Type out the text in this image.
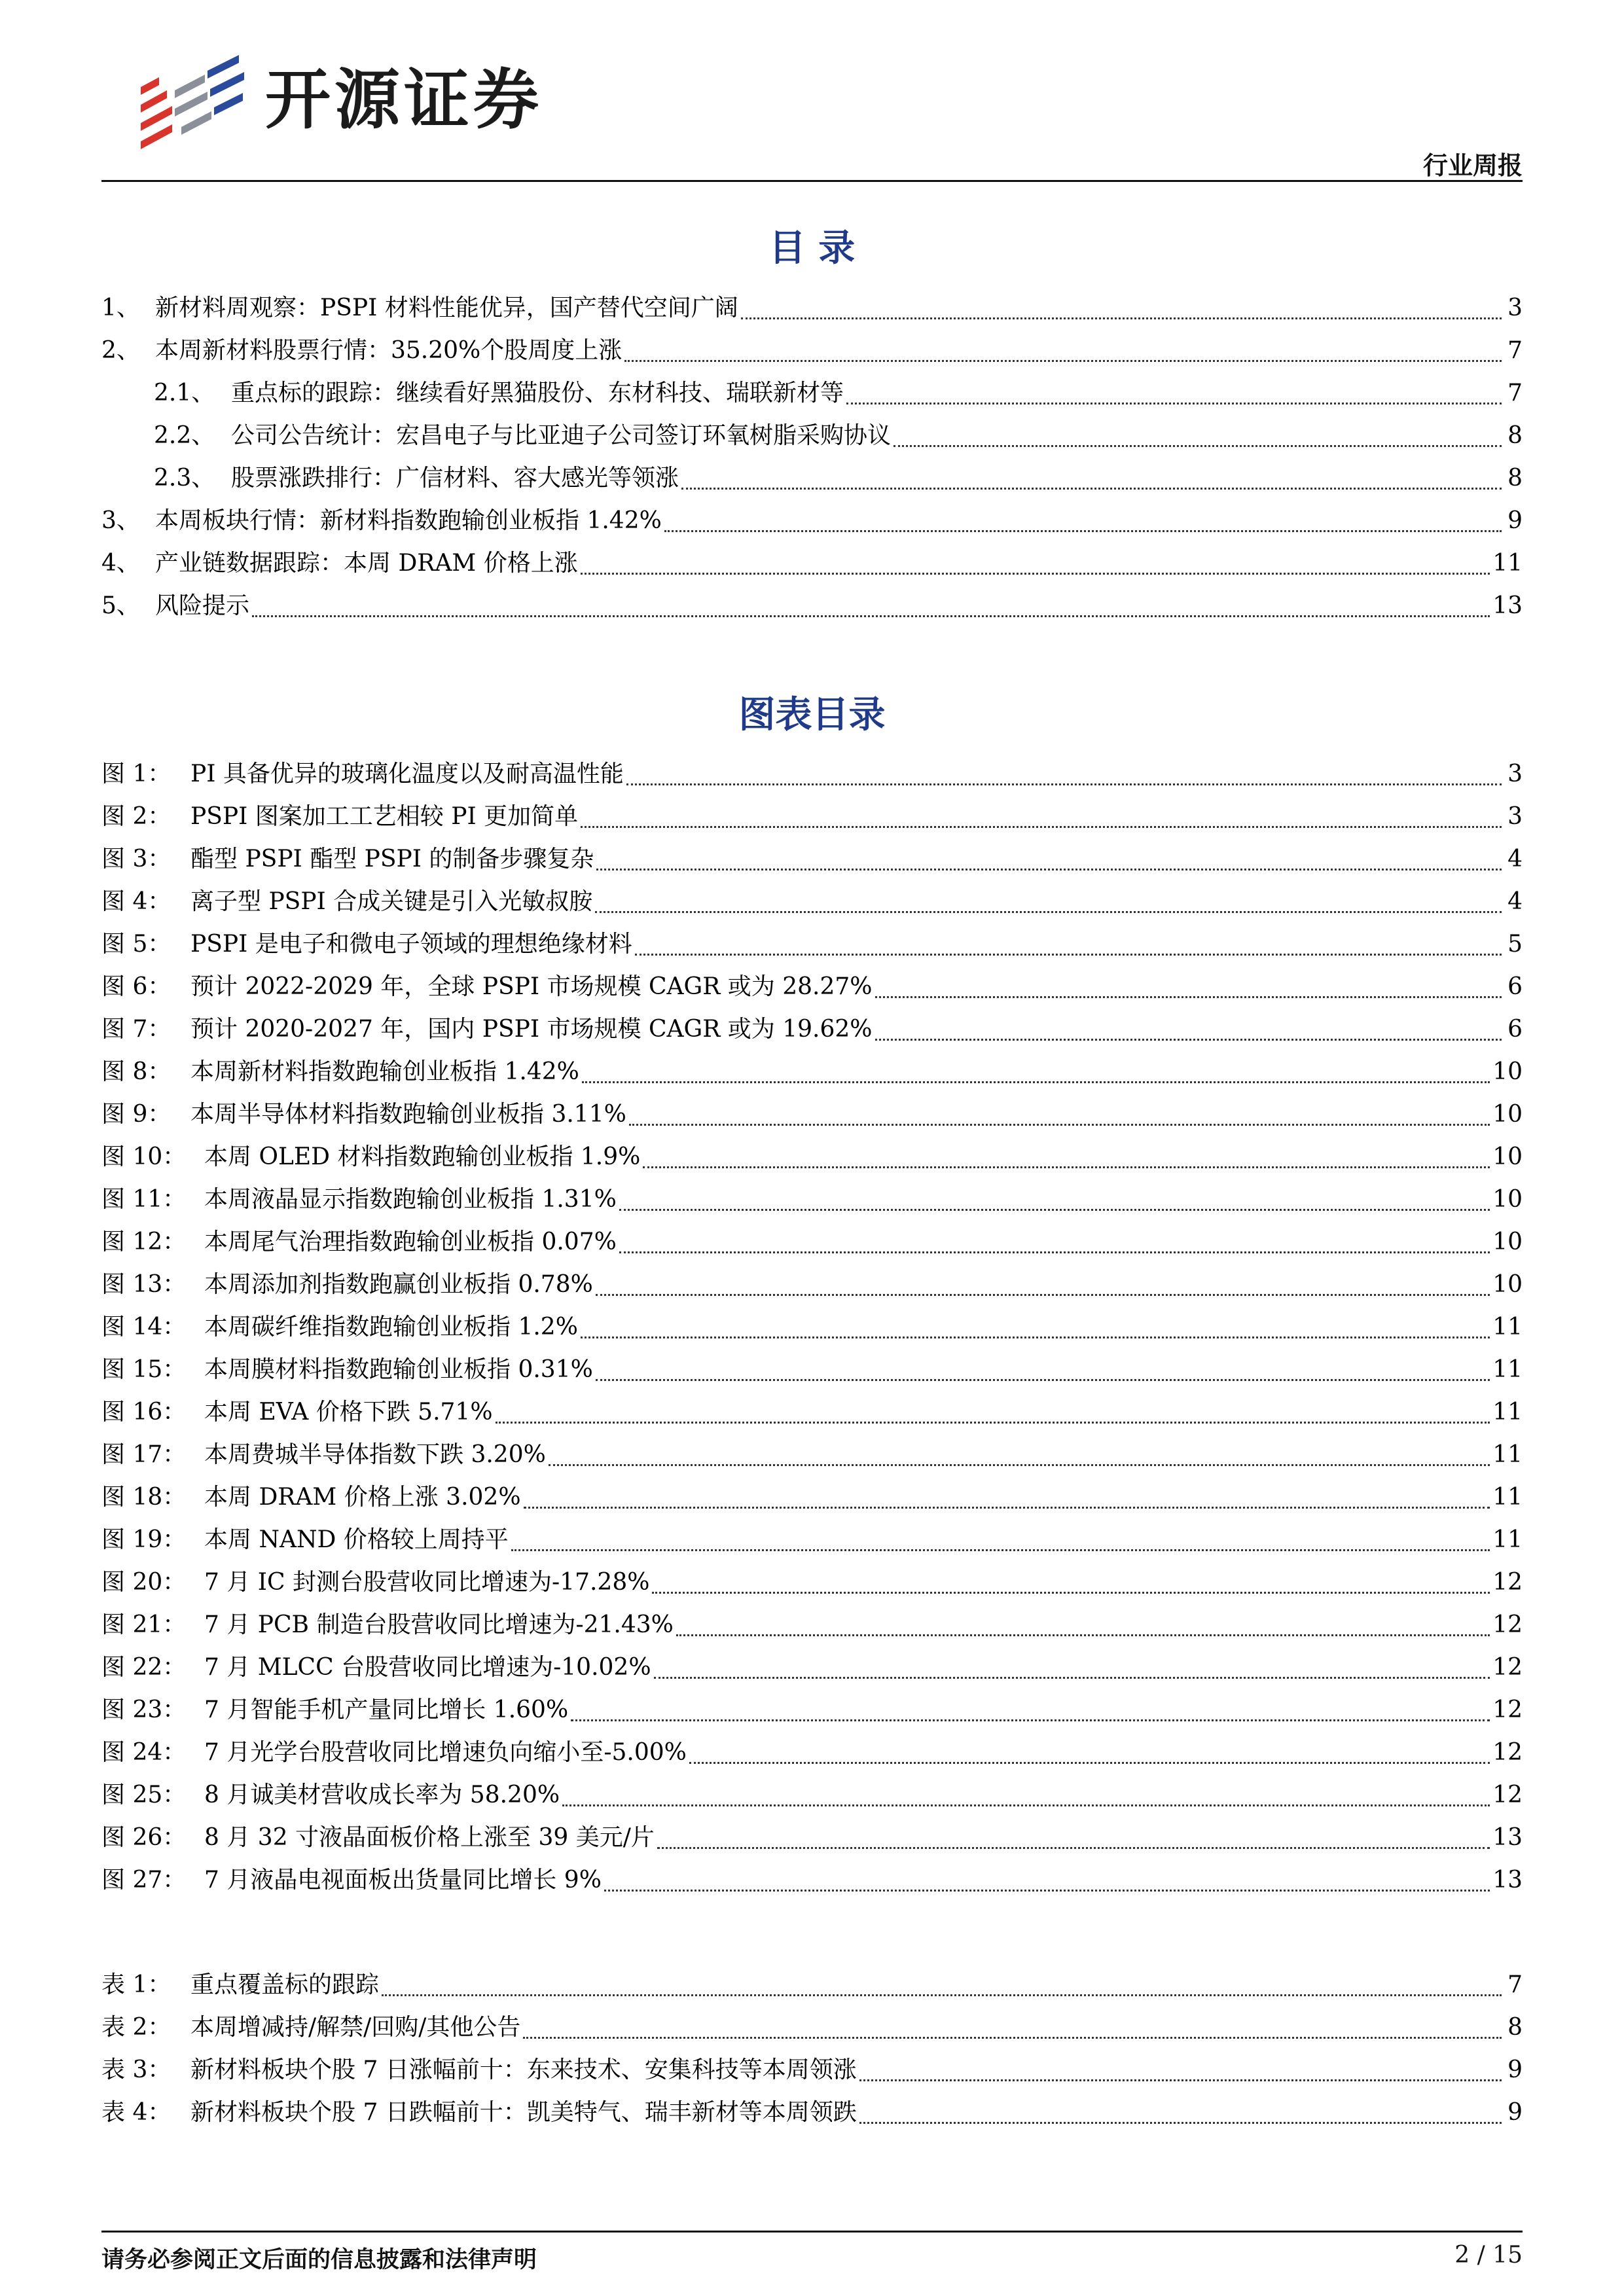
开源证券
行业周报
目 录
1、 新材料周观察：PSPI 材料性能优异，国产替代空间广阔	3
2、 本周新材料股票行情：35.20%个股周度上涨	7
2.1、 重点标的跟踪：继续看好黑猫股份、东材科技、瑞联新材等	7
2.2、 公司公告统计：宏昌电子与比亚迪子公司签订环氧树脂采购协议	8
2.3、 股票涨跌排行：广信材料、容大感光等领涨	8
3、 本周板块行情：新材料指数跑输创业板指 1.42%	9
4、 产业链数据跟踪：本周 DRAM 价格上涨	11
5、 风险提示	13
图表目录
图 1： PI 具备优异的玻璃化温度以及耐高温性能	3
图 2： PSPI 图案加工工艺相较 PI 更加简单	3
图 3： 酯型 PSPI 酯型 PSPI 的制备步骤复杂	4
图 4： 离子型 PSPI 合成关键是引入光敏叔胺	4
图 5： PSPI 是电子和微电子领域的理想绝缘材料	5
图 6： 预计 2022-2029 年，全球 PSPI 市场规模 CAGR 或为 28.27%	6
图 7： 预计 2020-2027 年，国内 PSPI 市场规模 CAGR 或为 19.62%	6
图 8： 本周新材料指数跑输创业板指 1.42%	10
图 9： 本周半导体材料指数跑输创业板指 3.11%	10
图 10： 本周 OLED 材料指数跑输创业板指 1.9%	10
图 11： 本周液晶显示指数跑输创业板指 1.31%	10
图 12： 本周尾气治理指数跑输创业板指 0.07%	10
图 13： 本周添加剂指数跑赢创业板指 0.78%	10
图 14： 本周碳纤维指数跑输创业板指 1.2%	11
图 15： 本周膜材料指数跑输创业板指 0.31%	11
图 16： 本周 EVA 价格下跌 5.71%	11
图 17： 本周费城半导体指数下跌 3.20%	11
图 18： 本周 DRAM 价格上涨 3.02%	11
图 19： 本周 NAND 价格较上周持平	11
图 20： 7 月 IC 封测台股营收同比增速为-17.28%	12
图 21： 7 月 PCB 制造台股营收同比增速为-21.43%	12
图 22： 7 月 MLCC 台股营收同比增速为-10.02%	12
图 23： 7 月智能手机产量同比增长 1.60%	12
图 24： 7 月光学台股营收同比增速负向缩小至-5.00%	12
图 25： 8 月诚美材营收成长率为 58.20%	12
图 26： 8 月 32 寸液晶面板价格上涨至 39 美元/片	13
图 27： 7 月液晶电视面板出货量同比增长 9%	13
表 1： 重点覆盖标的跟踪	7
表 2： 本周增减持/解禁/回购/其他公告	8
表 3： 新材料板块个股 7 日涨幅前十：东来技术、安集科技等本周领涨	9
表 4： 新材料板块个股 7 日跌幅前十：凯美特气、瑞丰新材等本周领跌	9
请务必参阅正文后面的信息披露和法律声明	2 / 15
